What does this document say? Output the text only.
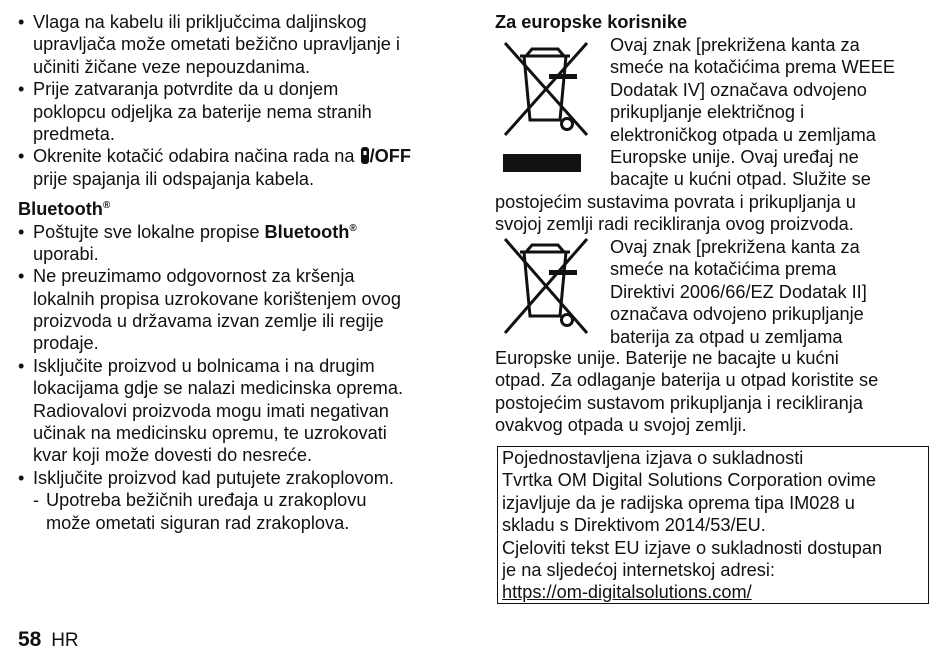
• Vlaga na kabelu ili priključcima daljinskog
upravljača može ometati bežično upravljanje i
učiniti žičane veze nepouzdanima.
• Prije zatvaranja potvrdite da u donjem
poklopcu odjeljka za baterije nema stranih
predmeta.
• Okrenite kotačić odabira načina rada na /OFF
prije spajanja ili odspajanja kabela.
Bluetooth®
• Poštujte sve lokalne propise Bluetooth®
uporabi.
• Ne preuzimamo odgovornost za kršenja
lokalnih propisa uzrokovane korištenjem ovog
proizvoda u državama izvan zemlje ili regije
prodaje.
• Isključite proizvod u bolnicama i na drugim
lokacijama gdje se nalazi medicinska oprema.
Radiovalovi proizvoda mogu imati negativan
učinak na medicinsku opremu, te uzrokovati
kvar koji može dovesti do nesreće.
• Isključite proizvod kad putujete zrakoplovom.
- Upotreba bežičnih uređaja u zrakoplovu
može ometati siguran rad zrakoplova.
58 HR
Za europske korisnike
Ovaj znak [prekrižena kanta za
smeće na kotačićima prema WEEE
Dodatak IV] označava odvojeno
prikupljanje električnog i
elektroničkog otpada u zemljama
Europske unije. Ovaj uređaj ne
bacajte u kućni otpad. Služite se
postojećim sustavima povrata i prikupljanja u
svojoj zemlji radi recikliranja ovog proizvoda.
Ovaj znak [prekrižena kanta za
smeće na kotačićima prema
Direktivi 2006/66/EZ Dodatak II]
označava odvojeno prikupljanje
baterija za otpad u zemljama
Europske unije. Baterije ne bacajte u kućni
otpad. Za odlaganje baterija u otpad koristite se
postojećim sustavom prikupljanja i recikliranja
ovakvog otpada u svojoj zemlji.
Pojednostavljena izjava o sukladnosti
Tvrtka OM Digital Solutions Corporation ovime
izjavljuje da je radijska oprema tipa IM028 u
skladu s Direktivom 2014/53/EU.
Cjeloviti tekst EU izjave o sukladnosti dostupan
je na sljedećoj internetskoj adresi:
https://om-digitalsolutions.com/
